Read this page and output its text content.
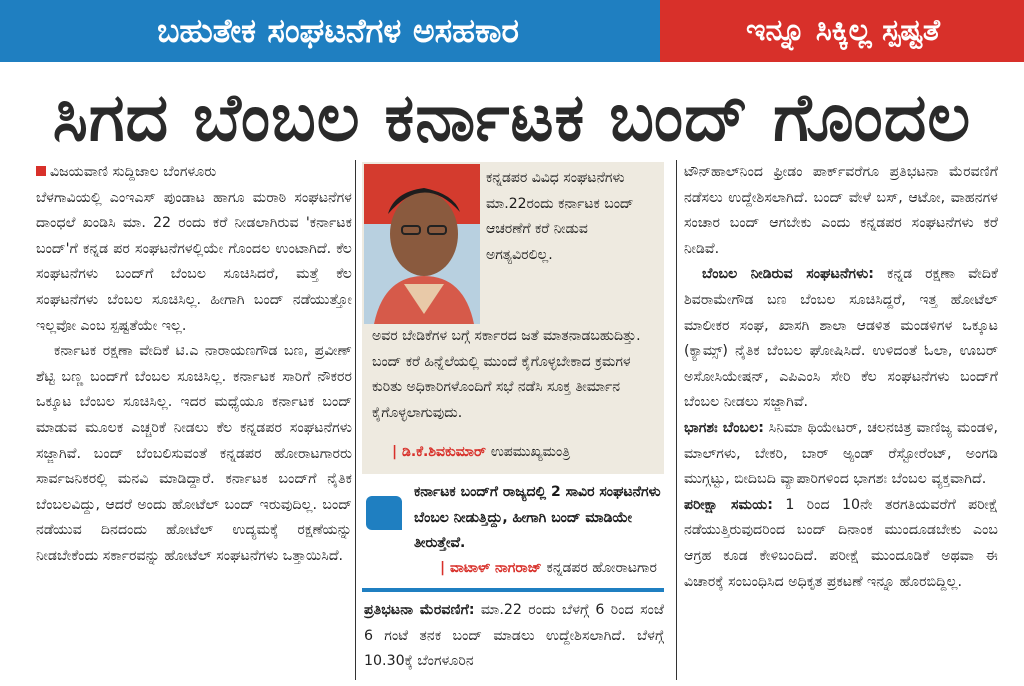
ಬಹುತೇಕ ಸಂಘಟನೆಗಳ ಅಸಹಕಾರ	ಇನ್ನೂ ಸಿಕ್ಕಿಲ್ಲ ಸ್ಪಷ್ಟತೆ
ಸಿಗದ ಬೆಂಬಲ ಕರ್ನಾಟಕ ಬಂದ್ ಗೊಂದಲ

ವಿಜಯವಾಣಿ ಸುದ್ದಿಜಾಲ ಬೆಂಗಳೂರು

ಬೆಳಗಾವಿಯಲ್ಲಿ ಎಂಇಎಸ್ ಪುಂಡಾಟ ಹಾಗೂ ಮರಾಠಿ ಸಂಘಟನೆಗಳ ದಾಂಧಲೆ ಖಂಡಿಸಿ ಮಾ. 22 ರಂದು ಕರೆ ನೀಡಲಾಗಿರುವ 'ಕರ್ನಾಟಕ ಬಂದ್'ಗೆ ಕನ್ನಡ ಪರ ಸಂಘಟನೆಗಳಲ್ಲಿಯೇ ಗೊಂದಲ ಉಂಟಾಗಿದೆ. ಕೆಲ ಸಂಘಟನೆಗಳು ಬಂದ್‌ಗೆ ಬೆಂಬಲ ಸೂಚಿಸಿದರೆ, ಮತ್ತೆ ಕೆಲ ಸಂಘಟನೆಗಳು ಬೆಂಬಲ ಸೂಚಿಸಿಲ್ಲ. ಹೀಗಾಗಿ ಬಂದ್ ನಡೆಯುತ್ತೋ ಇಲ್ಲವೋ ಎಂಬ ಸ್ಪಷ್ಟತೆಯೇ ಇಲ್ಲ.

ಕರ್ನಾಟಕ ರಕ್ಷಣಾ ವೇದಿಕೆ ಟಿ.ಎ ನಾರಾಯಣಗೌಡ ಬಣ, ಪ್ರವೀಣ್ ಶೆಟ್ಟಿ ಬಣ್ಣ ಬಂದ್‌ಗೆ ಬೆಂಬಲ ಸೂಚಿಸಿಲ್ಲ. ಕರ್ನಾಟಕ ಸಾರಿಗೆ ನೌಕರರ ಒಕ್ಕೂಟ ಬೆಂಬಲ ಸೂಚಿಸಿಲ್ಲ. ಇದರ ಮಧ್ಯೆಯೂ ಕರ್ನಾಟಕ ಬಂದ್ ಮಾಡುವ ಮೂಲಕ ಎಚ್ಚರಿಕೆ ನೀಡಲು ಕೆಲ ಕನ್ನಡಪರ ಸಂಘಟನೆಗಳು ಸಜ್ಜಾಗಿವೆ. ಬಂದ್ ಬೆಂಬಲಿಸುವಂತೆ ಕನ್ನಡಪರ ಹೋರಾಟಗಾರರು ಸಾರ್ವಜನಿಕರಲ್ಲಿ ಮನವಿ ಮಾಡಿದ್ದಾರೆ. ಕರ್ನಾಟಕ ಬಂದ್‌ಗೆ ನೈತಿಕ ಬೆಂಬಲವಿದ್ದು, ಆದರೆ ಅಂದು ಹೋಟೆಲ್ ಬಂದ್ ಇರುವುದಿಲ್ಲ. ಬಂದ್ ನಡೆಯುವ ದಿನದಂದು ಹೋಟೆಲ್ ಉದ್ಯಮಕ್ಕೆ ರಕ್ಷಣೆಯನ್ನು ನೀಡಬೇಕೆಂದು ಸರ್ಕಾರವನ್ನು ಹೋಟೆಲ್ ಸಂಘಟನೆಗಳು ಒತ್ತಾಯಿಸಿದೆ.

ಕನ್ನಡಪರ ವಿವಿಧ ಸಂಘಟನೆಗಳು ಮಾ.22ರಂದು ಕರ್ನಾಟಕ ಬಂದ್ ಆಚರಣೆಗೆ ಕರೆ ನೀಡುವ ಅಗತ್ಯವಿರಲಿಲ್ಲ.
ಅವರ ಬೇಡಿಕೆಗಳ ಬಗ್ಗೆ ಸರ್ಕಾರದ ಜತೆ ಮಾತನಾಡಬಹುದಿತ್ತು. ಬಂದ್ ಕರೆ ಹಿನ್ನೆಲೆಯಲ್ಲಿ ಮುಂದೆ ಕೈಗೊಳ್ಳಬೇಕಾದ ಕ್ರಮಗಳ ಕುರಿತು ಅಧಿಕಾರಿಗಳೊಂದಿಗೆ ಸಭೆ ನಡೆಸಿ ಸೂಕ್ತ ತೀರ್ಮಾನ ಕೈಗೊಳ್ಳಲಾಗುವುದು.
| ಡಿ.ಕೆ.ಶಿವಕುಮಾರ್ ಉಪಮುಖ್ಯಮಂತ್ರಿ
ಕರ್ನಾಟಕ ಬಂದ್‌ಗೆ ರಾಜ್ಯದಲ್ಲಿ 2 ಸಾವಿರ ಸಂಘಟನೆಗಳು ಬೆಂಬಲ ನೀಡುತ್ತಿದ್ದು, ಹೀಗಾಗಿ ಬಂದ್ ಮಾಡಿಯೇ ತೀರುತ್ತೇವೆ.
| ವಾಟಾಳ್ ನಾಗರಾಜ್ ಕನ್ನಡಪರ ಹೋರಾಟಗಾರ

ಪ್ರತಿಭಟನಾ ಮೆರವಣಿಗೆ: ಮಾ.22 ರಂದು ಬೆಳಗ್ಗೆ 6 ರಿಂದ ಸಂಜೆ 6 ಗಂಟೆ ತನಕ ಬಂದ್ ಮಾಡಲು ಉದ್ದೇಶಿಸಲಾಗಿದೆ. ಬೆಳಗ್ಗೆ 10.30ಕ್ಕೆ ಬೆಂಗಳೂರಿನ

ಟೌನ್‌ಹಾಲ್‌ನಿಂದ ಫ್ರೀಡಂ ಪಾರ್ಕ್‌ವರೆಗೂ ಪ್ರತಿಭಟನಾ ಮೆರವಣಿಗೆ ನಡೆಸಲು ಉದ್ದೇಶಿಸಲಾಗಿದೆ. ಬಂದ್ ವೇಳೆ ಬಸ್, ಆಟೋ, ವಾಹನಗಳ ಸಂಚಾರ ಬಂದ್ ಆಗಬೇಕು ಎಂದು ಕನ್ನಡಪರ ಸಂಘಟನೆಗಳು ಕರೆ ನೀಡಿವೆ.

ಬೆಂಬಲ ನೀಡಿರುವ ಸಂಘಟನೆಗಳು: ಕನ್ನಡ ರಕ್ಷಣಾ ವೇದಿಕೆ ಶಿವರಾಮೇಗೌಡ ಬಣ ಬೆಂಬಲ ಸೂಚಿಸಿದ್ದರೆ, ಇತ್ತ ಹೋಟೆಲ್ ಮಾಲೀಕರ ಸಂಘ, ಖಾಸಗಿ ಶಾಲಾ ಆಡಳಿತ ಮಂಡಳಿಗಳ ಒಕ್ಕೂಟ (ಕ್ಯಾಮ್ಸ್) ನೈತಿಕ ಬೆಂಬಲ ಘೋಷಿಸಿದೆ. ಉಳಿದಂತೆ ಓಲಾ, ಊಬರ್ ಅಸೋಸಿಯೇಷನ್, ಎಪಿಎಂಸಿ ಸೇರಿ ಕೆಲ ಸಂಘಟನೆಗಳು ಬಂದ್‌ಗೆ ಬೆಂಬಲ ನೀಡಲು ಸಜ್ಜಾಗಿವೆ.

ಭಾಗಶಃ ಬೆಂಬಲ: ಸಿನಿಮಾ ಥಿಯೇಟರ್, ಚಲನಚಿತ್ರ ವಾಣಿಜ್ಯ ಮಂಡಳಿ, ಮಾಲ್‌ಗಳು, ಬೇಕರಿ, ಬಾರ್ ಅ್ಯಂಡ್ ರೆಸ್ಟೋರೆಂಟ್, ಅಂಗಡಿ ಮುಗ್ಗಟ್ಟು, ಬೀದಿಬದಿ ವ್ಯಾಪಾರಿಗಳಿಂದ ಭಾಗಶಃ ಬೆಂಬಲ ವ್ಯಕ್ತವಾಗಿದೆ.

ಪರೀಕ್ಷಾ ಸಮಯ: 1 ರಿಂದ 10ನೇ ತರಗತಿಯವರೆಗೆ ಪರೀಕ್ಷೆ ನಡೆಯುತ್ತಿರುವುದರಿಂದ ಬಂದ್ ದಿನಾಂಕ ಮುಂದೂಡಬೇಕು ಎಂಬ ಆಗ್ರಹ ಕೂಡ ಕೇಳಿಬಂದಿದೆ. ಪರೀಕ್ಷೆ ಮುಂದೂಡಿಕೆ ಅಥವಾ ಈ ವಿಚಾರಕ್ಕೆ ಸಂಬಂಧಿಸಿದ ಅಧಿಕೃತ ಪ್ರಕಟಣೆ ಇನ್ನೂ ಹೊರಬಿದ್ದಿಲ್ಲ.
